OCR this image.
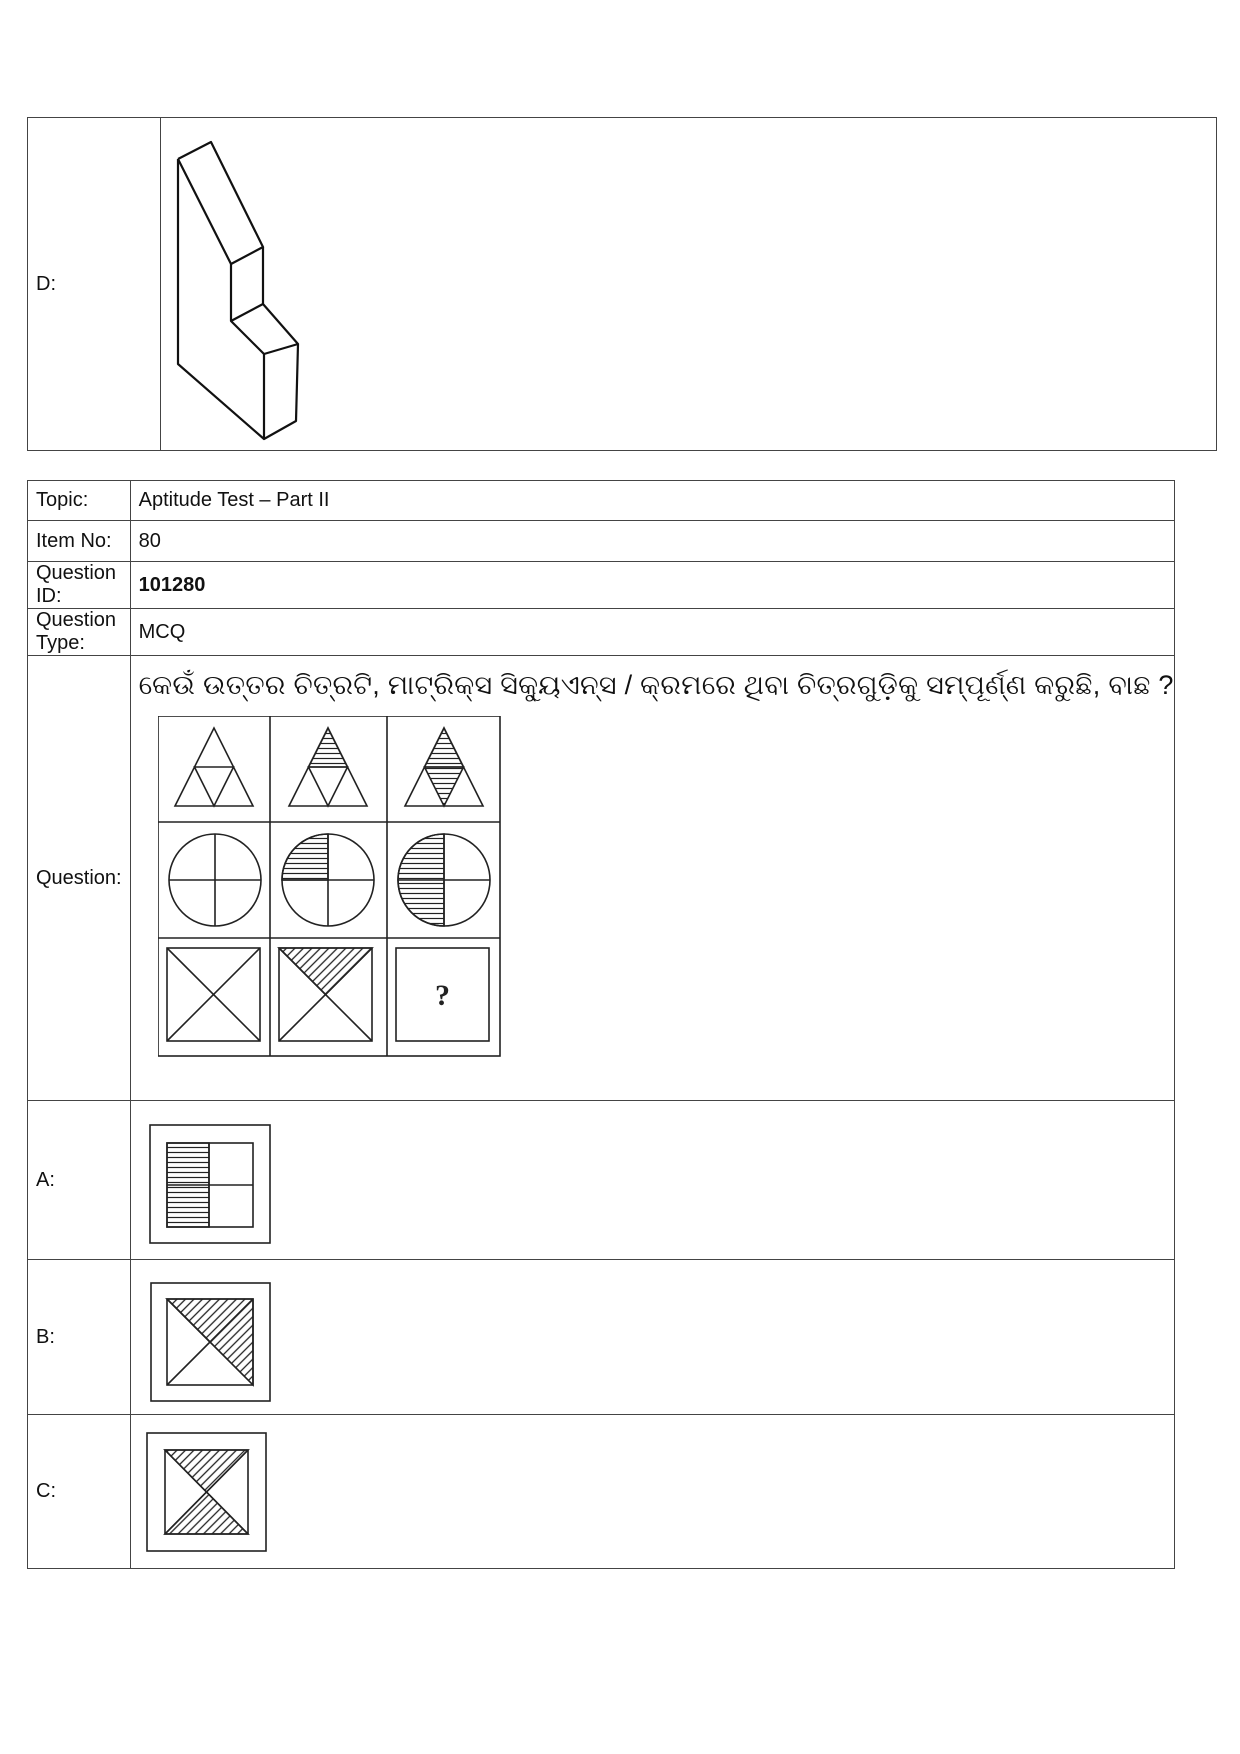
D:	
Topic:	Aptitude Test – Part II
Item No:	80
Question ID:	101280
Question Type:	MCQ
Question:	କେଉଁ ଉତ୍ତର ଚିତ୍ରଟି, ମାଟ୍ରିକ୍ସ ସିକ୍ୟୁଏନ୍ସ / କ୍ରମରେ ଥିବା ଚିତ୍ରଗୁଡ଼ିକୁ ସମ୍ପୂର୍ଣ୍ଣ କରୁଛି, ବାଛ ?
?

A:	

B:	

C:	
